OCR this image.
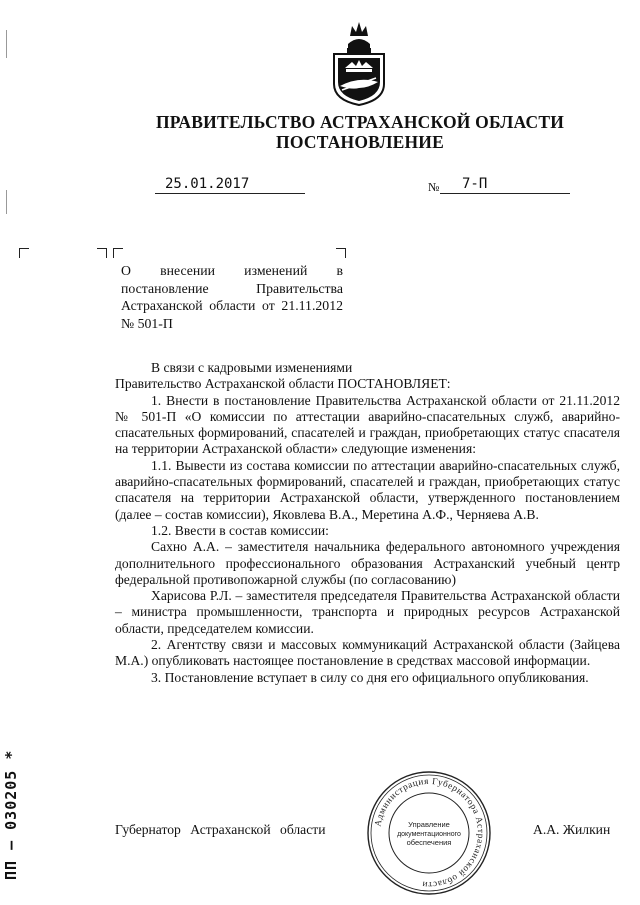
ПРАВИТЕЛЬСТВО АСТРАХАНСКОЙ ОБЛАСТИ
ПОСТАНОВЛЕНИЕ
25.01.2017	№ 7-П
О внесении изменений в постановление Правительства Астраханской области от 21.11.2012 № 501-П

В связи с кадровыми изменениями

Правительство Астраханской области ПОСТАНОВЛЯЕТ:

1. Внести в постановление Правительства Астраханской области от 21.11.2012 № 501-П «О комиссии по аттестации аварийно-спасательных служб, аварийно-спасательных формирований, спасателей и граждан, приобретающих статус спасателя на территории Астраханской области» следующие изменения:

1.1. Вывести из состава комиссии по аттестации аварийно-спасательных служб, аварийно-спасательных формирований, спасателей и граждан, приобретающих статус спасателя на территории Астраханской области, утвержденного постановлением (далее – состав комиссии), Яковлева В.А., Меретина А.Ф., Черняева А.В.

1.2. Ввести в состав комиссии:

Сахно А.А. – заместителя начальника федерального автономного учреждения дополнительного профессионального образования Астраханский учебный центр федеральной противопожарной службы (по согласованию)

Харисова Р.Л. – заместителя председателя Правительства Астраханской области – министра промышленности, транспорта и природных ресурсов Астраханской области, председателем комиссии.

2. Агентству связи и массовых коммуникаций Астраханской области (Зайцева М.А.) опубликовать настоящее постановление в средствах массовой информации.

3. Постановление вступает в силу со дня его официального опубликования.

Администрация Губернатора Астраханской области
Управление
документационного
обеспечения
Губернатор Астраханской области	А.А. Жилкин
ПП – 030205 *
